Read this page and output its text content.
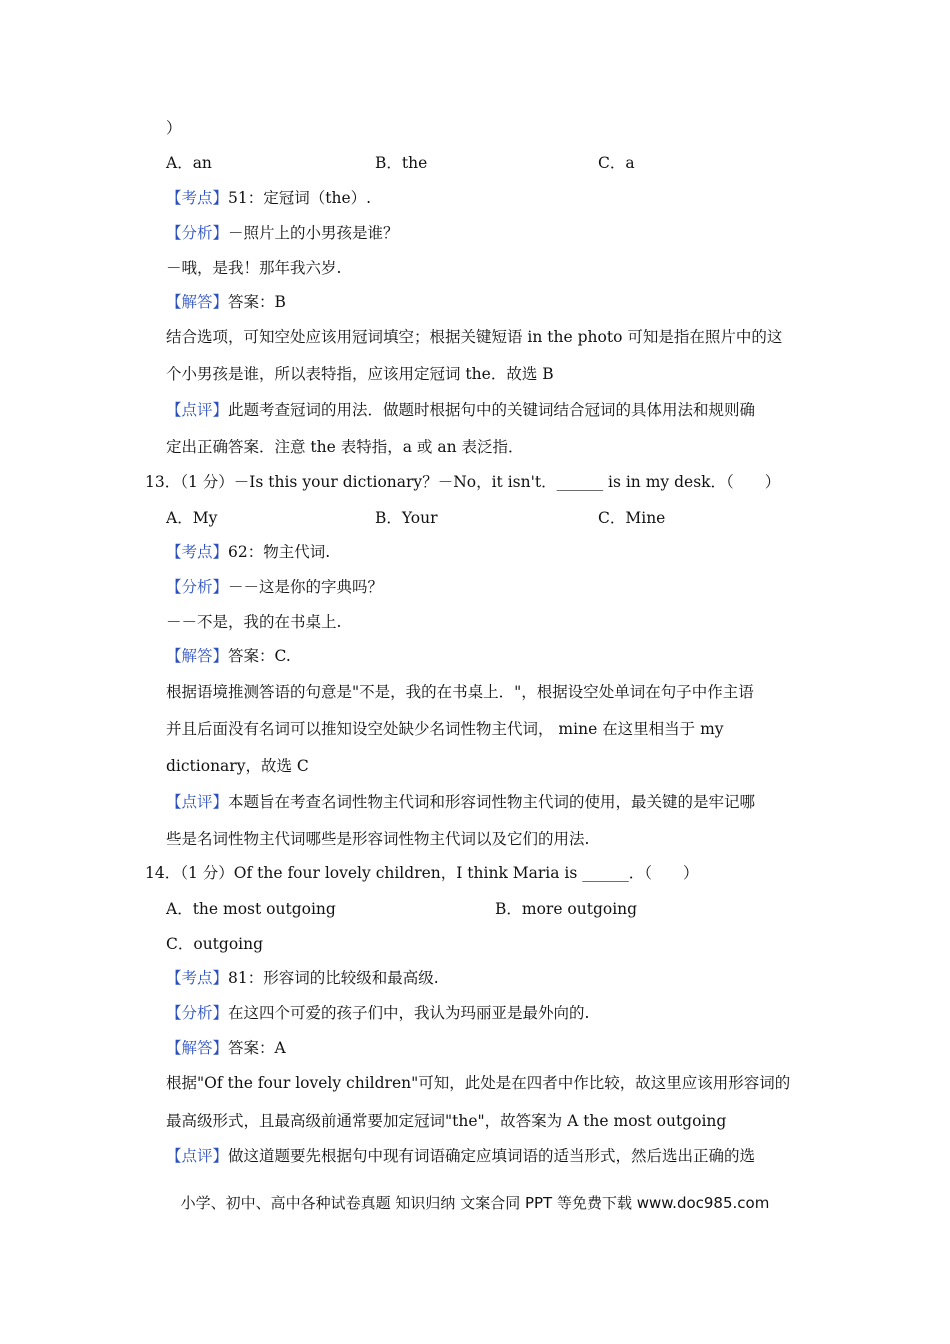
）
A．an	B．the	C．a
【考点】51：定冠词（the）.
【分析】－照片上的小男孩是谁？
－哦，是我！那年我六岁.
【解答】答案：B
结合选项，可知空处应该用冠词填空；根据关键短语 in the photo 可知是指在照片中的这
个小男孩是谁，所以表特指，应该用定冠词 the．故选 B
【点评】此题考查冠词的用法．做题时根据句中的关键词结合冠词的具体用法和规则确
定出正确答案．注意 the 表特指，a 或 an 表泛指．
13．（1 分）－Is this your dictionary？－No，it isn't．______ is in my desk．（　　）
A．My	B．Your	C．Mine
【考点】62：物主代词.
【分析】－－这是你的字典吗？
－－不是，我的在书桌上.
【解答】答案：C.
根据语境推测答语的句意是"不是，我的在书桌上．"，根据设空处单词在句子中作主语
并且后面没有名词可以推知设空处缺少名词性物主代词， mine 在这里相当于 my
dictionary，故选 C
【点评】本题旨在考查名词性物主代词和形容词性物主代词的使用，最关键的是牢记哪
些是名词性物主代词哪些是形容词性物主代词以及它们的用法.
14．（1 分）Of the four lovely children，I think Maria is ______．（　　）
A．the most outgoing	B．more outgoing
C．outgoing
【考点】81：形容词的比较级和最高级.
【分析】在这四个可爱的孩子们中，我认为玛丽亚是最外向的.
【解答】答案：A
根据"Of the four lovely children"可知，此处是在四者中作比较，故这里应该用形容词的
最高级形式，且最高级前通常要加定冠词"the"，故答案为 A the most outgoing
【点评】做这道题要先根据句中现有词语确定应填词语的适当形式，然后选出正确的选
小学、初中、高中各种试卷真题 知识归纳 文案合同 PPT 等免费下载 www.doc985.com
